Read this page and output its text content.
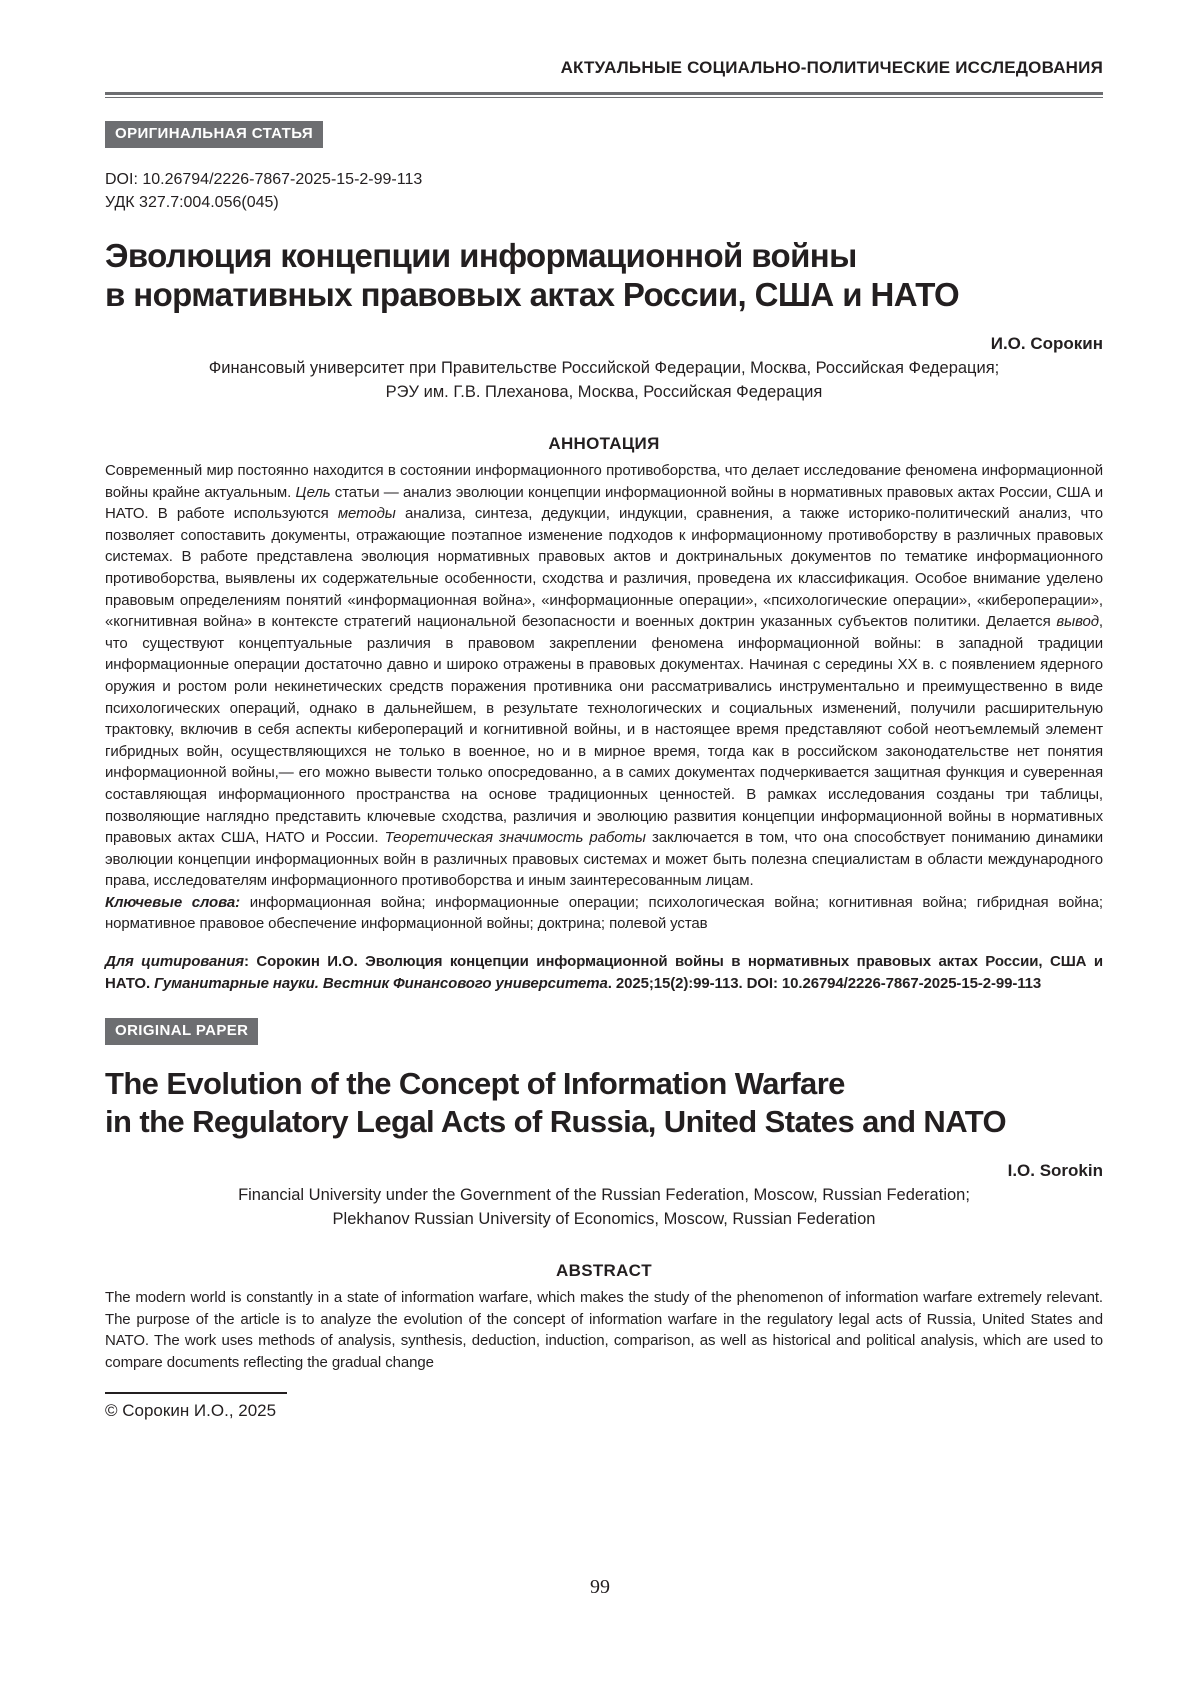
АКТУАЛЬНЫЕ СОЦИАЛЬНО-ПОЛИТИЧЕСКИЕ ИССЛЕДОВАНИЯ
ОРИГИНАЛЬНАЯ СТАТЬЯ
DOI: 10.26794/2226-7867-2025-15-2-99-113
УДК 327.7:004.056(045)
Эволюция концепции информационной войны
в нормативных правовых актах России, США и НАТО
И.О. Сорокин
Финансовый университет при Правительстве Российской Федерации, Москва, Российская Федерация;
РЭУ им. Г.В. Плеханова, Москва, Российская Федерация
АННОТАЦИЯ

Современный мир постоянно находится в состоянии информационного противоборства, что делает исследование феномена информационной войны крайне актуальным. Цель статьи — анализ эволюции концепции информационной войны в нормативных правовых актах России, США и НАТО. В работе используются методы анализа, синтеза, дедукции, индукции, сравнения, а также историко-политический анализ, что позволяет сопоставить документы, отражающие поэтапное изменение подходов к информационному противоборству в различных правовых системах. В работе представлена эволюция нормативных правовых актов и доктринальных документов по тематике информационного противоборства, выявлены их содержательные особенности, сходства и различия, проведена их классификация. Особое внимание уделено правовым определениям понятий «информационная война», «информационные операции», «психологические операции», «кибероперации», «когнитивная война» в контексте стратегий национальной безопасности и военных доктрин указанных субъектов политики. Делается вывод, что существуют концептуальные различия в правовом закреплении феномена информационной войны: в западной традиции информационные операции достаточно давно и широко отражены в правовых документах. Начиная с середины XX в. с появлением ядерного оружия и ростом роли некинетических средств поражения противника они рассматривались инструментально и преимущественно в виде психологических операций, однако в дальнейшем, в результате технологических и социальных изменений, получили расширительную трактовку, включив в себя аспекты киберопераций и когнитивной войны, и в настоящее время представляют собой неотъемлемый элемент гибридных войн, осуществляющихся не только в военное, но и в мирное время, тогда как в российском законодательстве нет понятия информационной войны,— его можно вывести только опосредованно, а в самих документах подчеркивается защитная функция и суверенная составляющая информационного пространства на основе традиционных ценностей. В рамках исследования созданы три таблицы, позволяющие наглядно представить ключевые сходства, различия и эволюцию развития концепции информационной войны в нормативных правовых актах США, НАТО и России. Теоретическая значимость работы заключается в том, что она способствует пониманию динамики эволюции концепции информационных войн в различных правовых системах и может быть полезна специалистам в области международного права, исследователям информационного противоборства и иным заинтересованным лицам.

Ключевые слова: информационная война; информационные операции; психологическая война; когнитивная война; гибридная война; нормативное правовое обеспечение информационной войны; доктрина; полевой устав

Для цитирования: Сорокин И.О. Эволюция концепции информационной войны в нормативных правовых актах России, США и НАТО. Гуманитарные науки. Вестник Финансового университета. 2025;15(2):99-113. DOI: 10.26794/2226-7867-2025-15-2-99-113

ORIGINAL PAPER
The Evolution of the Concept of Information Warfare
in the Regulatory Legal Acts of Russia, United States and NATO
I.O. Sorokin
Financial University under the Government of the Russian Federation, Moscow, Russian Federation;
Plekhanov Russian University of Economics, Moscow, Russian Federation
ABSTRACT

The modern world is constantly in a state of information warfare, which makes the study of the phenomenon of information warfare extremely relevant. The purpose of the article is to analyze the evolution of the concept of information warfare in the regulatory legal acts of Russia, United States and NATO. The work uses methods of analysis, synthesis, deduction, induction, comparison, as well as historical and political analysis, which are used to compare documents reflecting the gradual change

© Сорокин И.О., 2025
99
